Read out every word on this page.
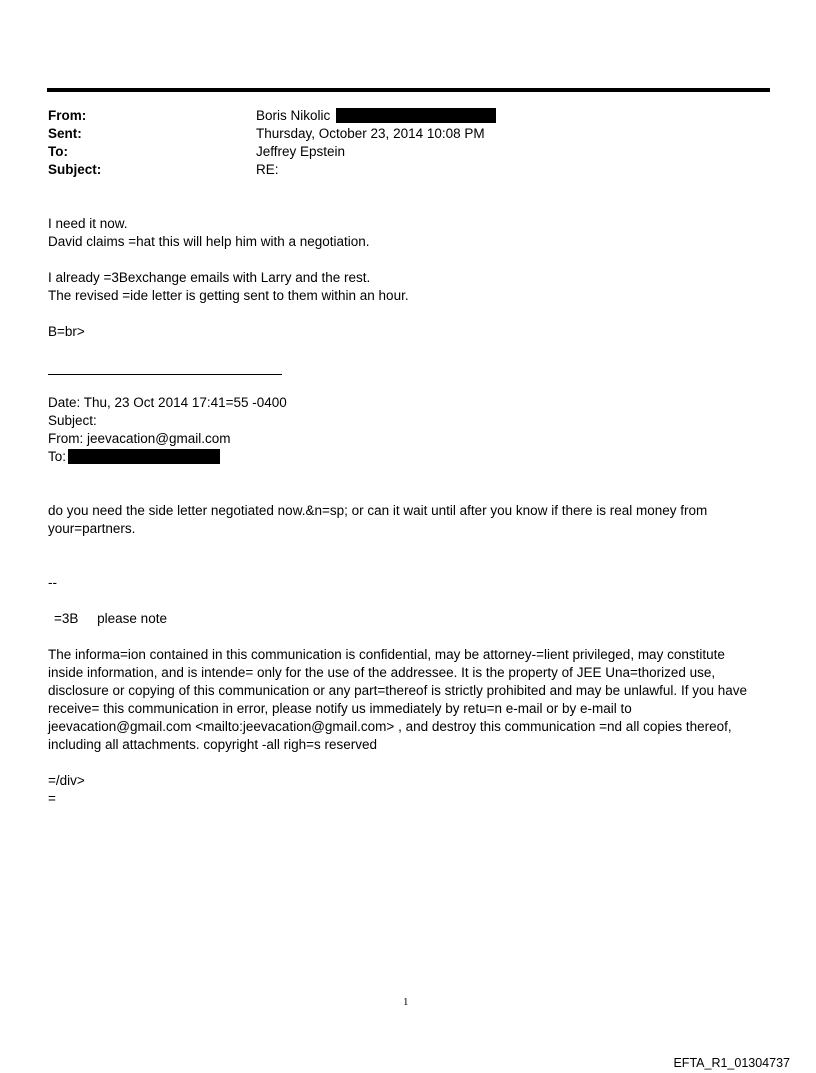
From:	Boris Nikolic
Sent:	Thursday, October 23, 2014 10:08 PM
To:	Jeffrey Epstein
Subject:	RE:
I need it now.
David claims =hat this will help him with a negotiation.
I already =3Bexchange emails with Larry and the rest.
The revised =ide letter is getting sent to them within an hour.
B=br>
Date: Thu, 23 Oct 2014 17:41=55 -0400
Subject:
From: jeevacation@gmail.com
To:
do you need the side letter negotiated now.&n=sp; or can it wait until after you know if there is real money from your=partners.
--
=3B     please note
The informa=ion contained in this communication is confidential, may be attorney-=lient privileged, may constitute inside information, and is intende= only for the use of the addressee. It is the property of JEE Una=thorized use, disclosure or copying of this communication or any part=thereof is strictly prohibited and may be unlawful. If you have receive= this communication in error, please notify us immediately by retu=n e-mail or by e-mail to jeevacation@gmail.com <mailto:jeevacation@gmail.com> , and destroy this communication =nd all copies thereof, including all attachments. copyright -all righ=s reserved
=/div>
=
1
EFTA_R1_01304737
